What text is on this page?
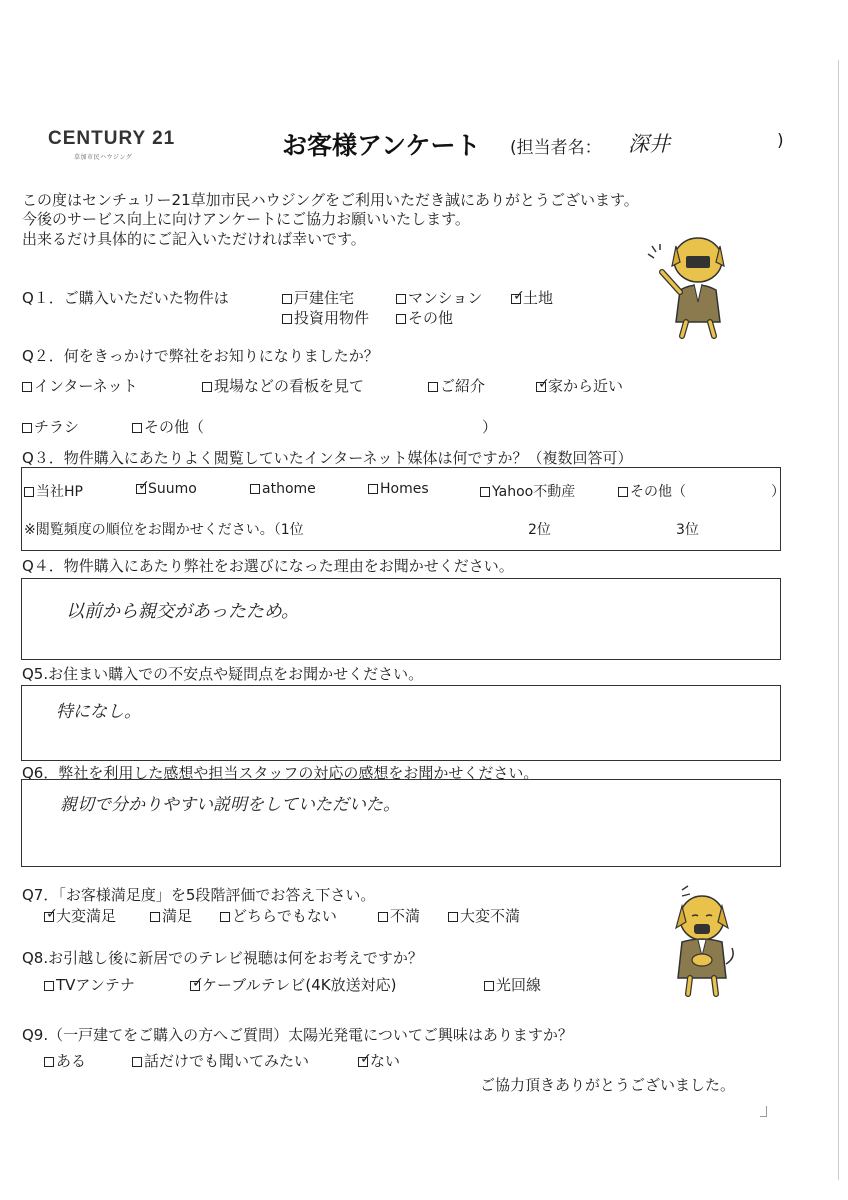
CENTURY 21
草加市民ハウジング	お客様アンケート (担当者名： 深井	)
この度はセンチュリー21草加市民ハウジングをご利用いただき誠にありがとうございます。
今後のサービス向上に向けアンケートにご協力お願いいたします。
出来るだけ具体的にご記入いただければ幸いです。
Q１．ご購入いただいた物件は	戸建住宅	マンション ✓	土地
投資用物件	その他
Q２．何をきっかけで弊社をお知りになりましたか？
インターネット	現場などの看板を見て	ご紹介 ✓	家から近い
チラシ	その他（	）
Q３．物件購入にあたりよく閲覧していたインターネット媒体は何ですか？（複数回答可）
当社HP ✓	Suumo	athome	Homes	Yahoo不動産	その他（	）
※閲覧頻度の順位をお聞かせください。（1位	2位	3位
Q４．物件購入にあたり弊社をお選びになった理由をお聞かせください。
以前から親交があったため。
Q5.お住まい購入での不安点や疑問点をお聞かせください。
特になし。
Q6．弊社を利用した感想や担当スタッフの対応の感想をお聞かせください。
親切で分かりやすい説明をしていただいた。
Q7．「お客様満足度」を5段階評価でお答え下さい。
✓大変満足	満足	どちらでもない	不満	大変不満
Q8.お引越し後に新居でのテレビ視聴は何をお考えですか？
TVアンテナ ✓	ケーブルテレビ(4K放送対応)	光回線
Q9.（一戸建てをご購入の方へご質問）太陽光発電についてご興味はありますか？
ある	話だけでも聞いてみたい ✓	ない
ご協力頂きありがとうございました。
